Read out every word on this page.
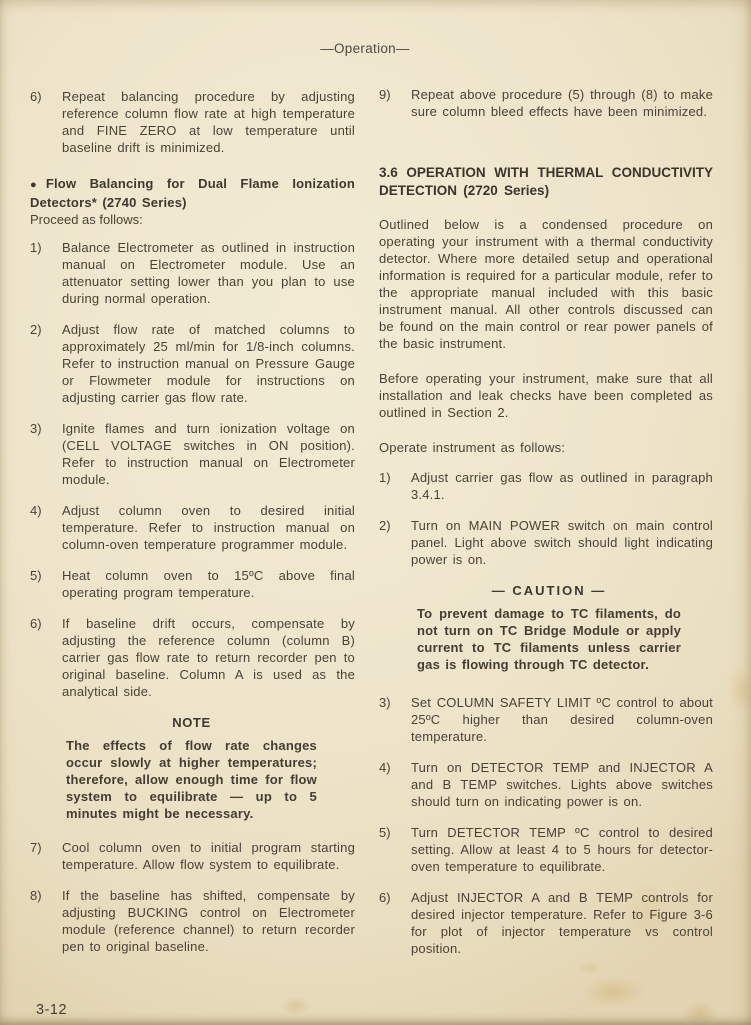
—Operation—
6)	Repeat balancing procedure by adjusting reference column flow rate at high temperature and FINE ZERO at low temperature until baseline drift is minimized.
● Flow Balancing for Dual Flame Ionization Detectors* (2740 Series)
Proceed as follows:
1)	Balance Electrometer as outlined in instruction manual on Electrometer module. Use an attenuator setting lower than you plan to use during normal operation.
2)	Adjust flow rate of matched columns to approximately 25 ml/min for 1/8-inch columns. Refer to instruction manual on Pressure Gauge or Flowmeter module for instructions on adjusting carrier gas flow rate.
3)	Ignite flames and turn ionization voltage on (CELL VOLTAGE switches in ON position). Refer to instruction manual on Electrometer module.
4)	Adjust column oven to desired initial temperature. Refer to instruction manual on column-oven temperature programmer module.
5)	Heat column oven to 15ºC above final operating program temperature.
6)	If baseline drift occurs, compensate by adjusting the reference column (column B) carrier gas flow rate to return recorder pen to original baseline. Column A is used as the analytical side.
NOTE
The effects of flow rate changes occur slowly at higher temperatures; therefore, allow enough time for flow system to equilibrate — up to 5 minutes might be necessary.
7)	Cool column oven to initial program starting temperature. Allow flow system to equilibrate.
8)	If the baseline has shifted, compensate by adjusting BUCKING control on Electrometer module (reference channel) to return recorder pen to original baseline.
9)	Repeat above procedure (5) through (8) to make sure column bleed effects have been minimized.
3.6 OPERATION WITH THERMAL CONDUCTIVITY DETECTION (2720 Series)
Outlined below is a condensed procedure on operating your instrument with a thermal conductivity detector. Where more detailed setup and operational information is required for a particular module, refer to the appropriate manual included with this basic instrument manual. All other controls discussed can be found on the main control or rear power panels of the basic instrument.
Before operating your instrument, make sure that all installation and leak checks have been completed as outlined in Section 2.
Operate instrument as follows:
1)	Adjust carrier gas flow as outlined in paragraph 3.4.1.
2)	Turn on MAIN POWER switch on main control panel. Light above switch should light indicating power is on.
— CAUTION —
To prevent damage to TC filaments, do not turn on TC Bridge Module or apply current to TC filaments unless carrier gas is flowing through TC detector.
3)	Set COLUMN SAFETY LIMIT ºC control to about 25ºC higher than desired column-oven temperature.
4)	Turn on DETECTOR TEMP and INJECTOR A and B TEMP switches. Lights above switches should turn on indicating power is on.
5)	Turn DETECTOR TEMP ºC control to desired setting. Allow at least 4 to 5 hours for detector-oven temperature to equilibrate.
6)	Adjust INJECTOR A and B TEMP controls for desired injector temperature. Refer to Figure 3-6 for plot of injector temperature vs control position.
3-12
